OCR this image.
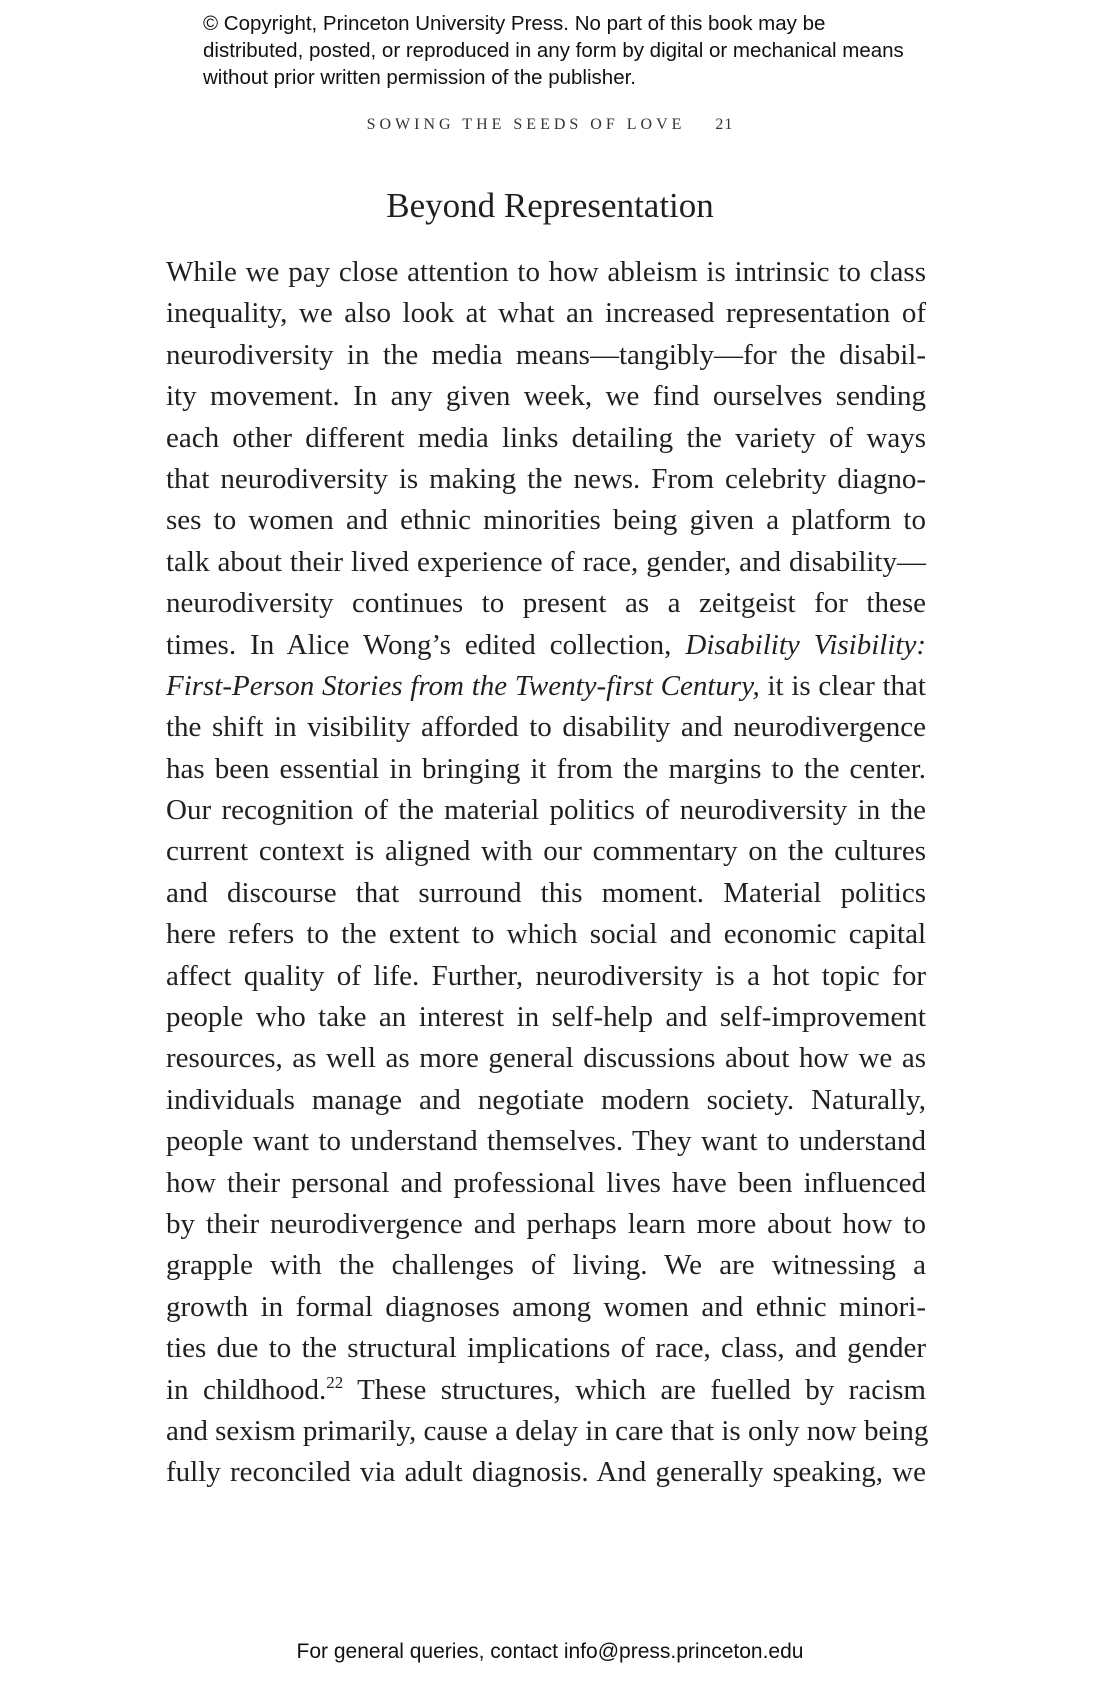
© Copyright, Princeton University Press. No part of this book may be distributed, posted, or reproduced in any form by digital or mechanical means without prior written permission of the publisher.
SOWING THE SEEDS OF LOVE 21
Beyond Representation
While we pay close attention to how ableism is intrinsic to class
inequality, we also look at what an increased representation of
neurodiversity in the media means—tangibly—for the disabil-
ity movement. In any given week, we find ourselves sending
each other different media links detailing the variety of ways
that neurodiversity is making the news. From celebrity diagno-
ses to women and ethnic minorities being given a platform to
talk about their lived experience of race, gender, and disability—
neurodiversity continues to present as a zeitgeist for these
times. In Alice Wong’s edited collection, Disability Visibility:
First-Person Stories from the Twenty-first Century, it is clear that
the shift in visibility afforded to disability and neurodivergence
has been essential in bringing it from the margins to the center.
Our recognition of the material politics of neurodiversity in the
current context is aligned with our commentary on the cultures
and discourse that surround this moment. Material politics
here refers to the extent to which social and economic capital
affect quality of life. Further, neurodiversity is a hot topic for
people who take an interest in self-help and self-improvement
resources, as well as more general discussions about how we as
individuals manage and negotiate modern society. Naturally,
people want to understand themselves. They want to understand
how their personal and professional lives have been influenced
by their neurodivergence and perhaps learn more about how to
grapple with the challenges of living. We are witnessing a
growth in formal diagnoses among women and ethnic minori-
ties due to the structural implications of race, class, and gender
in childhood.$^{22}$ These structures, which are fuelled by racism
and sexism primarily, cause a delay in care that is only now being
fully reconciled via adult diagnosis. And generally speaking, we
For general queries, contact info@press.princeton.edu
